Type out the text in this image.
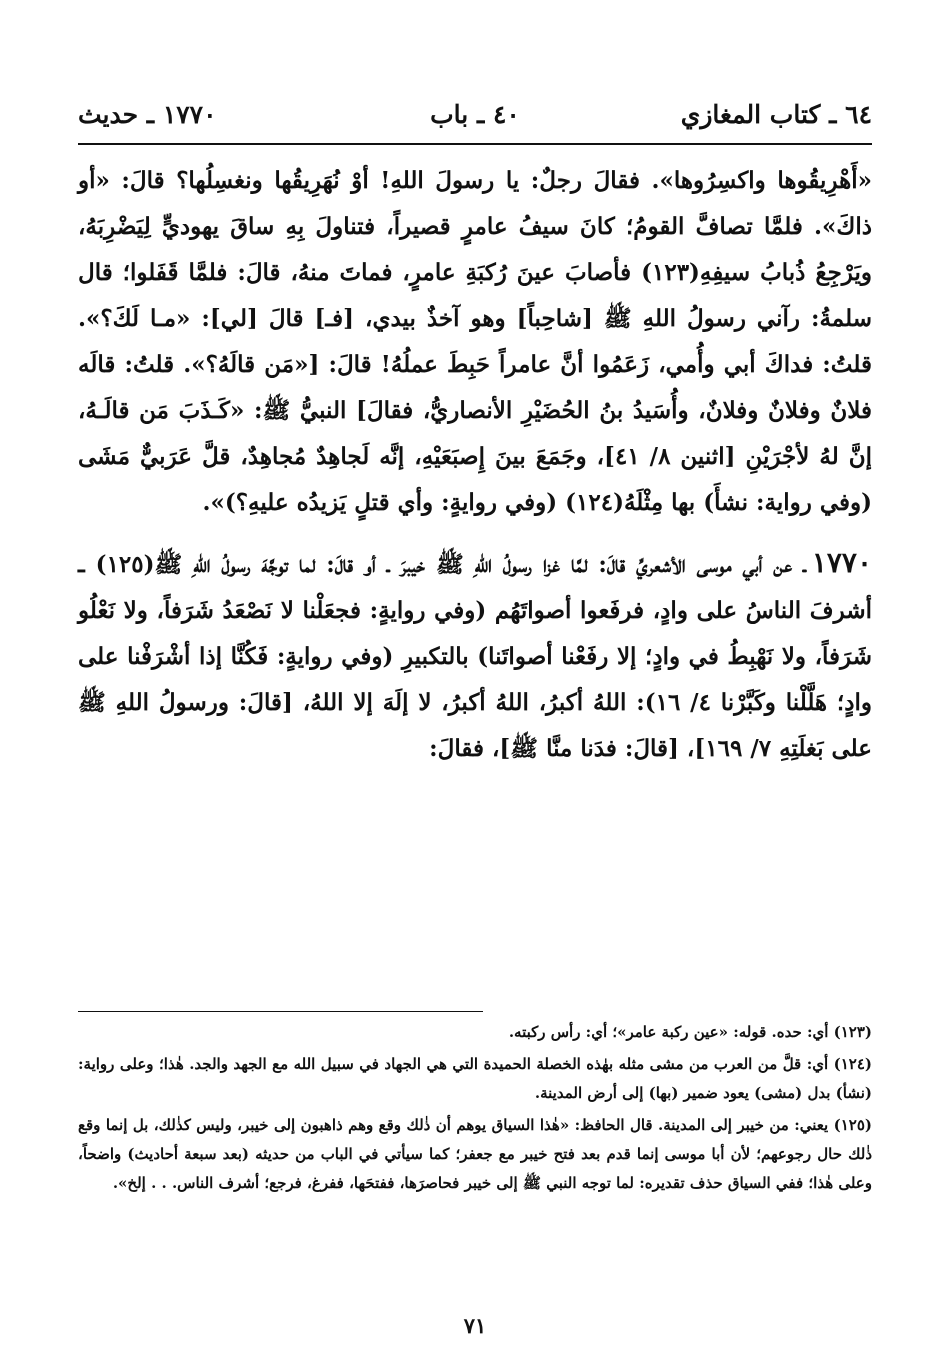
٦٤ ـ كتاب المغازي
٤٠ ـ باب
١٧٧٠ ـ حديث

«أَهْرِيقُوها واكسِرُوها». فقالَ رجلٌ: يا رسولَ اللهِ! أوْ نُهَرِيقُها ونغسِلُها؟ قالَ: «أو ذاكَ». فلمَّا تصافَّ القومُ؛ كانَ سيفُ عامرٍ قصيراً، فتناولَ بِهِ ساقَ يهوديٍّ لِيَضْرِبَهُ، ويَرْجِعُ ذُبابُ سيفِهِ(١٢٣) فأصابَ عينَ رُكبَةِ عامرٍ، فماتَ منهُ، قالَ: فلمَّا قَفَلوا؛ قال سلمةُ: رآني رسولُ اللهِ ﷺ [شاحِباً] وهو آخذٌ بيدي، [فـ] قالَ [لي]: «مـا لَكَ؟». قلتُ: فداكَ أبي وأُمي، زَعَمُوا أنَّ عامراً حَبِطَ عملُهُ! قالَ: [«مَن قالَهُ؟». قلتُ: قالَه فلانٌ وفلانٌ وفلانٌ، وأُسَيدُ بنُ الحُضَيْرِ الأنصاريُّ، فقالَ] النبيُّ ﷺ: «كَـذَبَ مَن قالَـهُ، إنَّ لهُ لأجْرَيْنِ [اثنين ٨/ ٤١]، وجَمَعَ بينَ إِصبَعَيْهِ، إنَّه لَجاهِدٌ مُجاهِدٌ، قلَّ عَرَبيٌّ مَشَى (وفي رواية: نشأَ) بها مِثْلَهُ(١٢٤) (وفي روايةٍ: وأي قتلٍ يَزيدُه عليهِ؟)».

١٧٧٠ـ عن أبي موسى الأشعريِّ قالَ: لمَّا غزا رسولُ اللهِ ﷺ خيبرَ ـ أو قالَ: لما توجَّهَ رسولُ اللهِ ﷺ(١٢٥) ـ أشرفَ الناسُ على وادٍ، فرفَعوا أصواتَهُم (وفي روايةٍ: فجعَلْنا لا نَصْعَدُ شَرَفاً، ولا نَعْلُو شَرَفاً، ولا نَهْبِطُ في وادٍ؛ إلا رفَعْنا أصواتَنا) بالتكبيرِ (وفي روايةٍ: فَكُنَّا إذا أشْرَفْنا على وادٍ؛ هَلَّلْنا وكَبَّرْنا ٤/ ١٦): اللهُ أكبرُ، اللهُ أكبرُ، لا إلَهَ إلا اللهُ، [قالَ: ورسولُ اللهِ ﷺ على بَغلَتِهِ ٧/ ١٦٩]، [قالَ: فدَنا منَّا ﷺ]، فقالَ:

(١٢٣) أي: حده. قوله: «عين ركبة عامر»؛ أي: رأس ركبته.

(١٢٤) أي: قلَّ من العرب من مشى مثله بهٰذه الخصلة الحميدة التي هي الجهاد في سبيل الله مع الجهد والجد. هٰذا؛ وعلى رواية: (نشأ) بدل (مشى) يعود ضمير (بها) إلى أرض المدينة.

(١٢٥) يعني: من خيبر إلى المدينة. قال الحافظ: «هٰذا السياق يوهم أن ذٰلك وقع وهم ذاهبون إلى خيبر، وليس كذٰلك، بل إنما وقع ذٰلك حال رجوعهم؛ لأن أبا موسى إنما قدم بعد فتح خيبر مع جعفر؛ كما سيأتي في الباب من حديثه (بعد سبعة أحاديث) واضحاً، وعلى هٰذا؛ ففي السياق حذف تقديره: لما توجه النبي ﷺ إلى خيبر فحاصرَها، ففتحَها، ففرغ، فرجع؛ أشرف الناس. . . إلخ».

٧١
